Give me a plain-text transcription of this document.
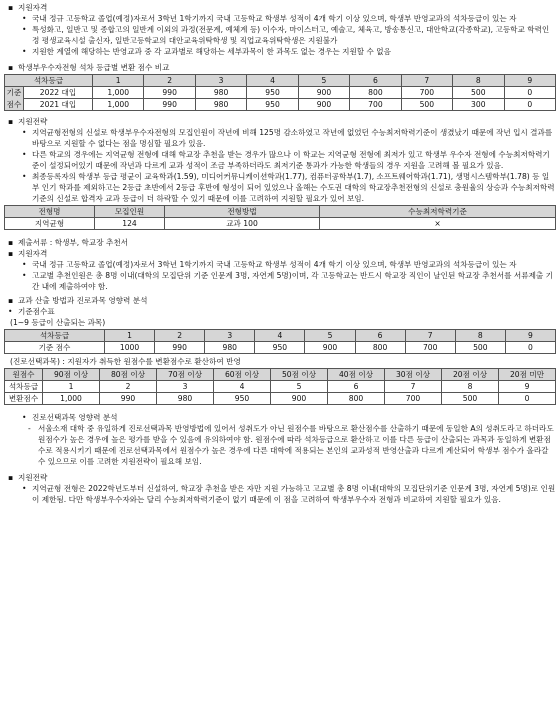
▪ 지원자격
• 국내 정규 고등학교 졸업(예정)자로서 3학년 1학기까지 국내 고등학교 학생부 성적이 4개 학기 이상 있으며, 학생부 반영교과의 석차등급이 있는 자
• 특성화고, 일반고 및 종합고의 일반계 이외의 과정(전문계, 예체계 등) 이수자, 마이스터고, 예술고, 체육고, 방송통신고, 대안학교(각종학교), 고등학교 학력인정 평생교육시설 출신자, 일반고등학교의 대안교육위탁학생 및 직업교육위탁학생은 지원불가
• 지원한 계열에 해당하는 반영교과 중 각 교과별로 해당하는 세부과목이 한 과목도 없는 경우는 지원할 수 없음
▪ 학생부우수자전형 석차 등급별 변환 점수 비교
석차등급		1	2	3	4	5	6	7	8	9
기준점수	2022 대입	1,000	990	980	950	900	800	700	500	0
	2021 대입	1,000	990	980	950	900	700	500	300	0
▪ 지원전략
• 지역균형전형의 신설로 학생부우수자전형의 모집인원이 작년에 비해 125명 감소하였고 작년에 없었던 수능최저학력기준이 생겼났기 때문에 작년 입시 결과를 바탕으로 지원할 수 없다는 점을 명심할 필요가 있음.
• 다른 학교의 경우에는 지역균형 전형에 대해 학교장 추천을 받는 경우가 많으나 이 학교는 지역균형 전형에 최저가 있고 학생부 우수자 전형에 수능최저학력기준이 설정되어있기 때문에 작년과 다르게 교과 성적이 조금 부족하더라도 최저기준 통과가 가능한 학생들의 경우 지원을 고려해 볼 필요가 있음.
• 최종등록자의 학생부 등급 평균이 교육학과(1.59), 미디어커뮤니케이션학과(1.77), 컴퓨터공학부(1.7), 소프트웨어학과(1.71), 생명시스템학부(1.78) 등 일부 인기 학과를 제외하고는 2등급 초반에서 2등급 후반에 형성이 되어 있었으나 올해는 수도권 대학의 학교장추천전형의 신설로 충원율의 상승과 수능최저학력기준의 신설로 합격자 교과 등급이 더 하락할 수 있기 때문에 이를 고려하여 지원할 필요가 있어 보임.
전형명	모집인원	전형방법	수능최저학력기준
지역균형	124	교과 100	×
▪ 제출서류 : 학생부, 학교장 추천서
▪ 지원자격
• 국내 정규 고등학교 졸업(예정)자로서 3학년 1학기까지 국내 고등학교 학생부 성적이 4개 학기 이상 있으며, 학생부 반영교과의 석차등급이 있는 자
• 고교별 추천인원은 총 8명 이내(대학의 모집단위 기준 인문계 3명, 자연계 5명)이며, 각 고등학교는 반드시 학교장 직인이 날인된 학교장 추천서를 서류제출 기간 내에 제출하여야 함.
▪ 교과 산출 방법과 진로과목 영향력 분석
• 기준점수표
(1~9 등급이 산출되는 과목)
석차등급	1	2	3	4	5	6	7	8	9
기준 점수	1000	990	980	950	900	800	700	500	0
(진로선택과목) : 지원자가 취득한 원점수를 변환점수로 환산하여 반영
원점수	90점 이상	80점 이상	70점 이상	60점 이상	50점 이상	40점 이상	30점 이상	20점 이상	20점 미만
석차등급	1	2	3	4	5	6	7	8	9
변환점수	1,000	990	980	950	900	800	700	500	0
• 진로선택과목 영향력 분석
- 서울소재 대학 중 유일하게 진로선택과목 반영방법에 있어서 성취도가 아닌 원점수를 바탕으로 환산점수를 산출하기 때문에 동일한 A의 성취도라고 하더라도 원점수가 높은 경우에 높은 평가를 받을 수 있음에 유의하여야 함. 원점수에 따라 석차등급으로 환산하고 이를 다른 등급이 산출되는 과목과 동일하게 변환점수로 적용시키기 때문에 진로선택과목에서 원점수가 높은 경우에 다른 대학에 적용되는 본인의 교과성적 반영산출과 다르게 계산되어 학생부 점수가 올라갈 수 있으므로 이를 고려한 지원전략이 필요해 보임.
▪ 지원전략
• 지역균형 전형은 2022학년도부터 신설하여, 학교장 추천을 받은 자만 지원 가능하고 고교별 총 8명 이내(대학의 모집단위기준 인문계 3명, 자연계 5명)로 인원이 제한됨. 다만 학생부우수자와는 달리 수능최저학력기준이 없기 때문에 이 점을 고려하여 학생부우수자 전형과 비교하여 지원할 필요가 있음.
